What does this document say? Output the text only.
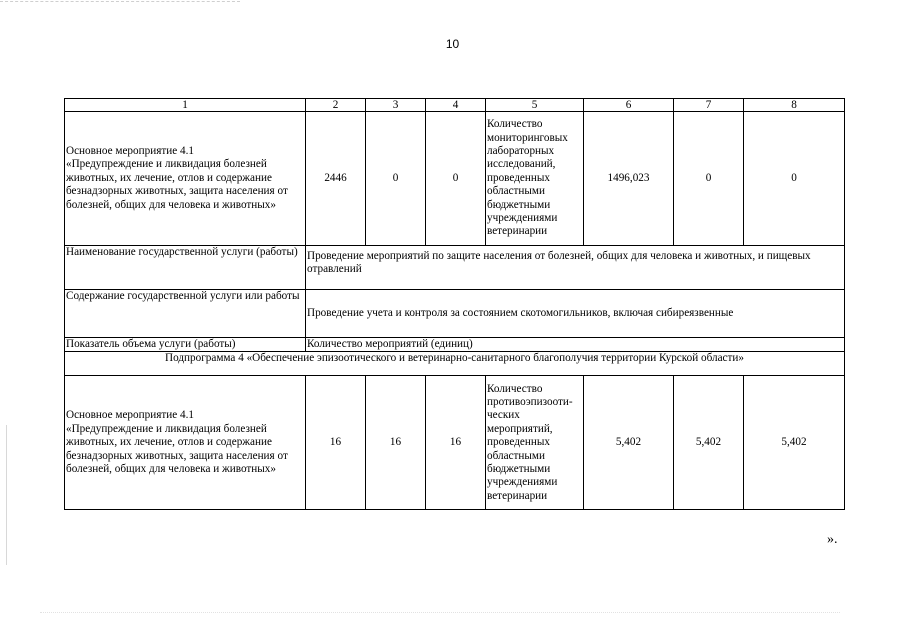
10
1	2	3	4	5	6	7	8
Основное мероприятие 4.1
«Предупреждение и ликвидация болезней животных, их лечение, отлов и содержание безнадзорных животных, защита населения от болезней, общих для человека и животных»	2446	0	0	Количество мониторинговых лабораторных исследований, проведенных областными бюджетными учреждениями ветеринарии	1496,023	0	0
Наименование государственной услуги (работы)	Проведение мероприятий по защите населения от болезней, общих для человека и животных, и пищевых отравлений						
Содержание государственной услуги или работы	Проведение учета и контроля за состоянием скотомогильников, включая сибиреязвенные						
Показатель объема услуги (работы)	Количество мероприятий (единиц)						
Подпрограмма 4 «Обеспечение эпизоотического и ветеринарно-санитарного благополучия территории Курской области»							
Основное мероприятие 4.1
«Предупреждение и ликвидация болезней животных, их лечение, отлов и содержание безнадзорных животных, защита населения от болезней, общих для человека и животных»	16	16	16	Количество противоэпизооти-ческих мероприятий, проведенных областными бюджетными учреждениями ветеринарии	5,402	5,402	5,402
».
